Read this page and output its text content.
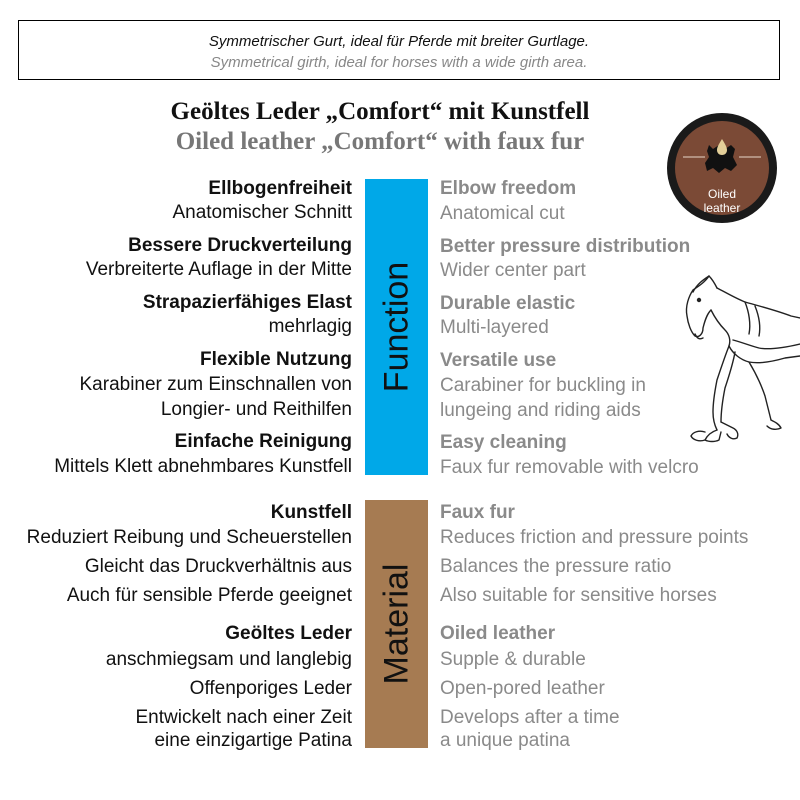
Symmetrischer Gurt, ideal für Pferde mit breiter Gurtlage.
Symmetrical girth, ideal for horses with a wide girth area.
Geöltes Leder „Comfort“ mit Kunstfell
Oiled leather „Comfort“ with faux fur
Oiled
leather
Function
Material
Ellbogenfreiheit
Anatomischer Schnitt
Bessere Druckverteilung
Verbreiterte Auflage in der Mitte
Strapazierfähiges Elast
mehrlagig
Flexible Nutzung
Karabiner zum Einschnallen von
Longier- und Reithilfen
Einfache Reinigung
Mittels Klett abnehmbares Kunstfell
Elbow freedom
Anatomical cut
Better pressure distribution
Wider center part
Durable elastic
Multi-layered
Versatile use
Carabiner for buckling in
lungeing and riding aids
Easy cleaning
Faux fur removable with velcro
Kunstfell
Reduziert Reibung und Scheuerstellen
Gleicht das Druckverhältnis aus
Auch für sensible Pferde geeignet
Geöltes Leder
anschmiegsam und langlebig
Offenporiges Leder
Entwickelt nach einer Zeit
eine einzigartige Patina
Faux fur
Reduces friction and pressure points
Balances the pressure ratio
Also suitable for sensitive horses
Oiled leather
Supple & durable
Open-pored leather
Develops after a time
a unique patina
